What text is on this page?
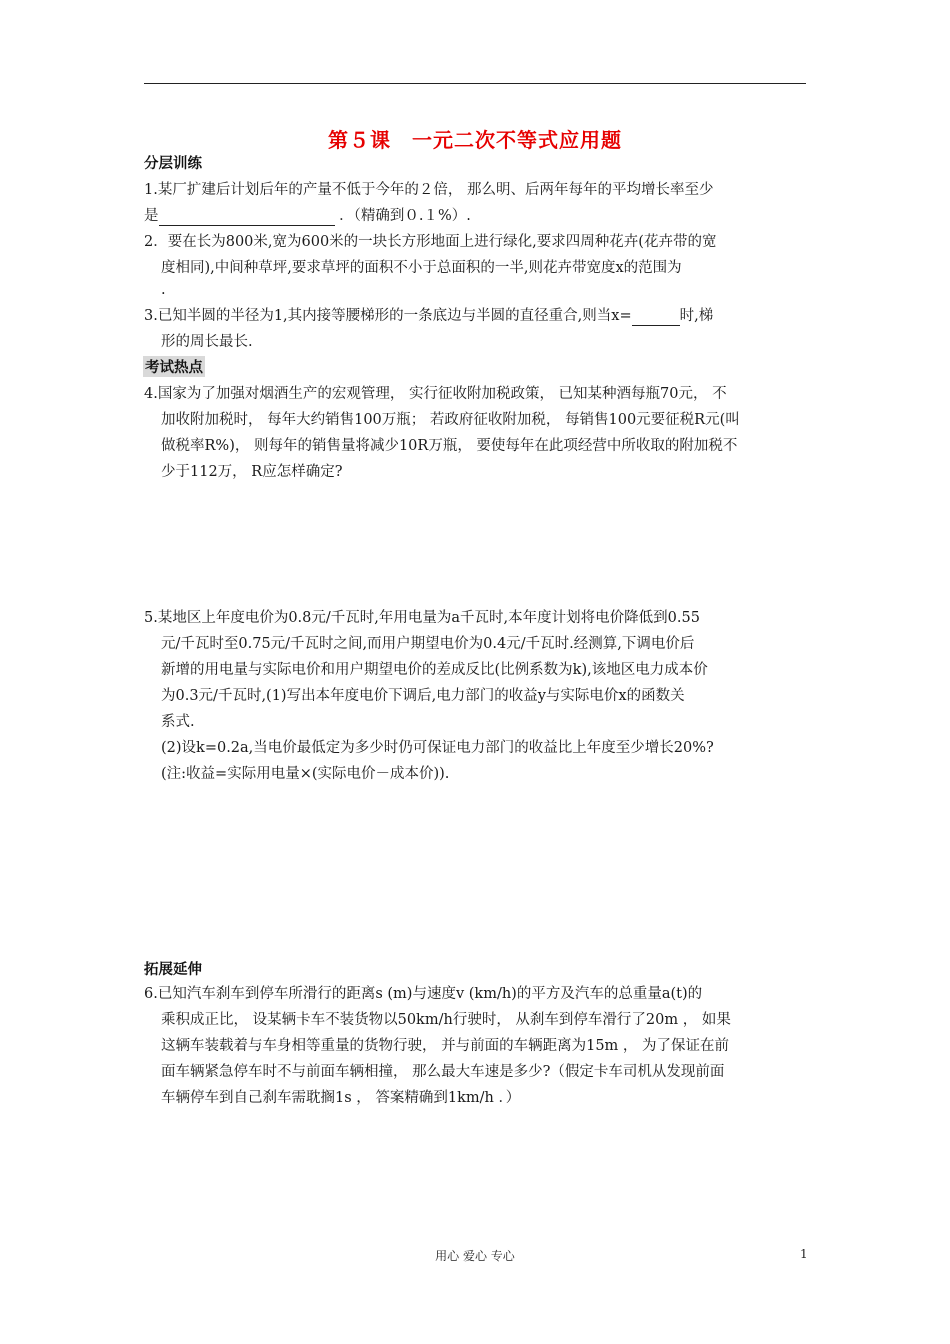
第５课　一元二次不等式应用题
分层训练
1.某厂扩建后计划后年的产量不低于今年的２倍， 那么明、后两年每年的平均增长率至少
是	．（精确到０.１%）.
2．要在长为800米,宽为600米的一块长方形地面上进行绿化,要求四周种花卉(花卉带的宽
度相同),中间种草坪,要求草坪的面积不小于总面积的一半,则花卉带宽度x的范围为
.
3.已知半圆的半径为1,其内接等腰梯形的一条底边与半圆的直径重合,则当x=	时,梯
形的周长最长.
考试热点
4.国家为了加强对烟酒生产的宏观管理， 实行征收附加税政策， 已知某种酒每瓶70元， 不
加收附加税时， 每年大约销售100万瓶； 若政府征收附加税， 每销售100元要征税R元(叫
做税率R%)， 则每年的销售量将减少10R万瓶， 要使每年在此项经营中所收取的附加税不
少于112万， R应怎样确定?
5.某地区上年度电价为0.8元/千瓦时,年用电量为a千瓦时,本年度计划将电价降低到0.55
元/千瓦时至0.75元/千瓦时之间,而用户期望电价为0.4元/千瓦时.经测算,下调电价后
新增的用电量与实际电价和用户期望电价的差成反比(比例系数为k),该地区电力成本价
为0.3元/千瓦时,(1)写出本年度电价下调后,电力部门的收益y与实际电价x的函数关
系式.
(2)设k=0.2a,当电价最低定为多少时仍可保证电力部门的收益比上年度至少增长20%?
(注:收益=实际用电量×(实际电价－成本价)).
拓展延伸
6.已知汽车刹车到停车所滑行的距离s (m)与速度v (km/h)的平方及汽车的总重量a(t)的
乘积成正比， 设某辆卡车不装货物以50km/h行驶时， 从刹车到停车滑行了20m ， 如果
这辆车装载着与车身相等重量的货物行驶， 并与前面的车辆距离为15m ， 为了保证在前
面车辆紧急停车时不与前面车辆相撞， 那么最大车速是多少?（假定卡车司机从发现前面
车辆停车到自己刹车需耽搁1s ， 答案精确到1km/h ．）
用心 爱心 专心	1
